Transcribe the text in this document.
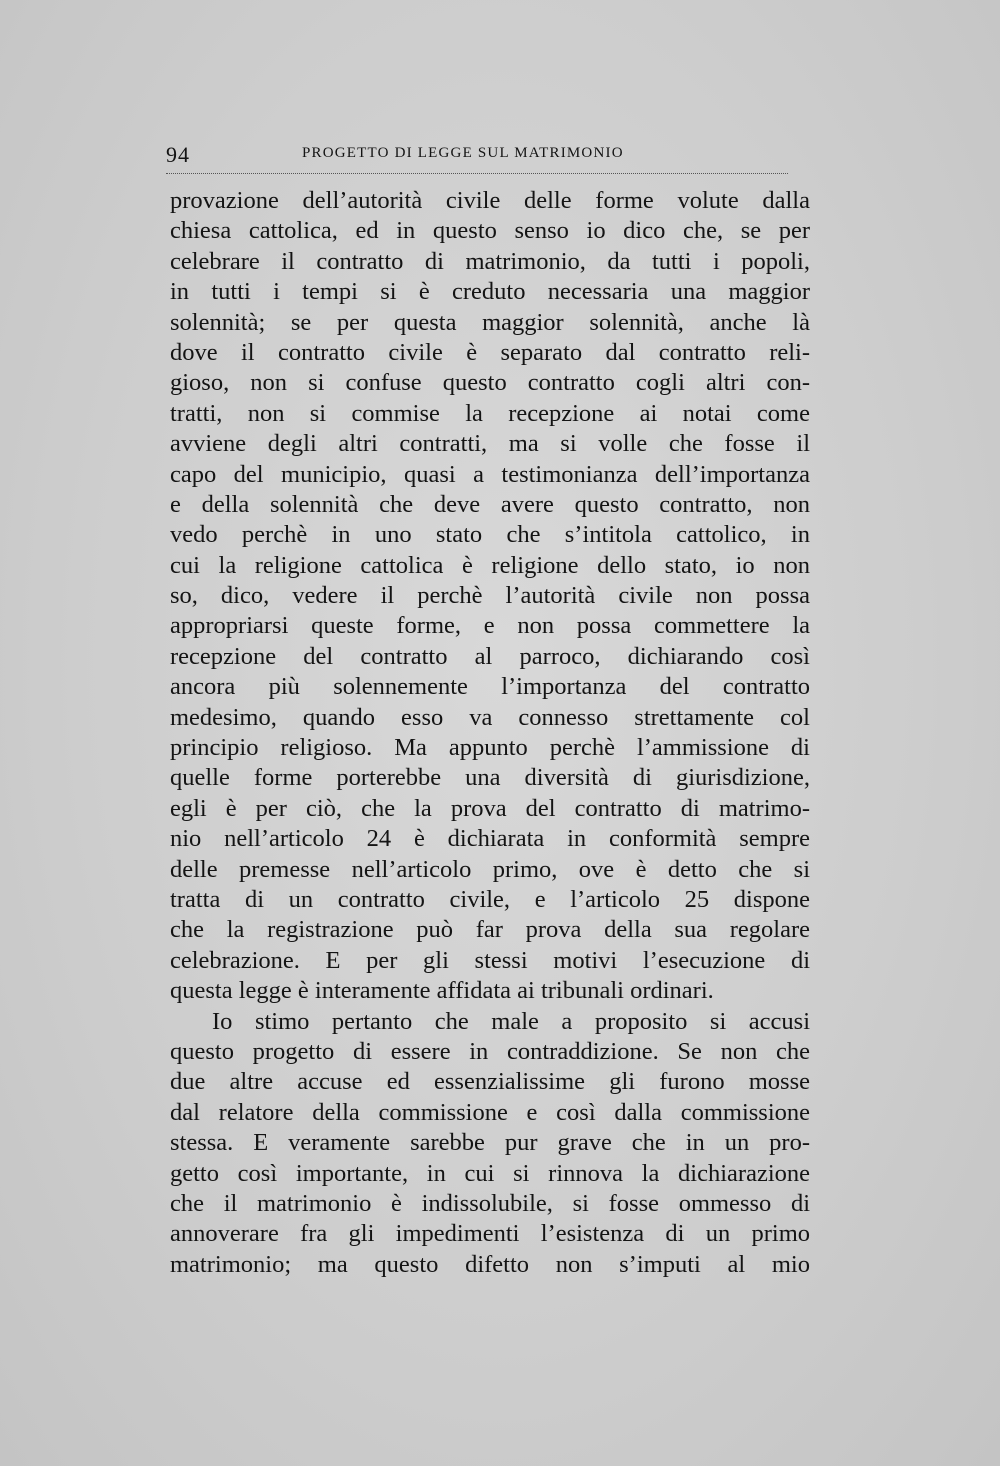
94	PROGETTO DI LEGGE SUL MATRIMONIO
provazione dell’autorità civile delle forme volute dalla
chiesa cattolica, ed in questo senso io dico che, se per
celebrare il contratto di matrimonio, da tutti i popoli,
in tutti i tempi si è creduto necessaria una maggior
solennità; se per questa maggior solennità, anche là
dove il contratto civile è separato dal contratto reli-
gioso, non si confuse questo contratto cogli altri con-
tratti, non si commise la recepzione ai notai come
avviene degli altri contratti, ma si volle che fosse il
capo del municipio, quasi a testimonianza dell’importanza
e della solennità che deve avere questo contratto, non
vedo perchè in uno stato che s’intitola cattolico, in
cui la religione cattolica è religione dello stato, io non
so, dico, vedere il perchè l’autorità civile non possa
appropriarsi queste forme, e non possa commettere la
recepzione del contratto al parroco, dichiarando così
ancora più solennemente l’importanza del contratto
medesimo, quando esso va connesso strettamente col
principio religioso. Ma appunto perchè l’ammissione di
quelle forme porterebbe una diversità di giurisdizione,
egli è per ciò, che la prova del contratto di matrimo-
nio nell’articolo 24 è dichiarata in conformità sempre
delle premesse nell’articolo primo, ove è detto che si
tratta di un contratto civile, e l’articolo 25 dispone
che la registrazione può far prova della sua regolare
celebrazione. E per gli stessi motivi l’esecuzione di
questa legge è interamente affidata ai tribunali ordinari.
Io stimo pertanto che male a proposito si accusi
questo progetto di essere in contraddizione. Se non che
due altre accuse ed essenzialissime gli furono mosse
dal relatore della commissione e così dalla commissione
stessa. E veramente sarebbe pur grave che in un pro-
getto così importante, in cui si rinnova la dichiarazione
che il matrimonio è indissolubile, si fosse ommesso di
annoverare fra gli impedimenti l’esistenza di un primo
matrimonio; ma questo difetto non s’imputi al mio
